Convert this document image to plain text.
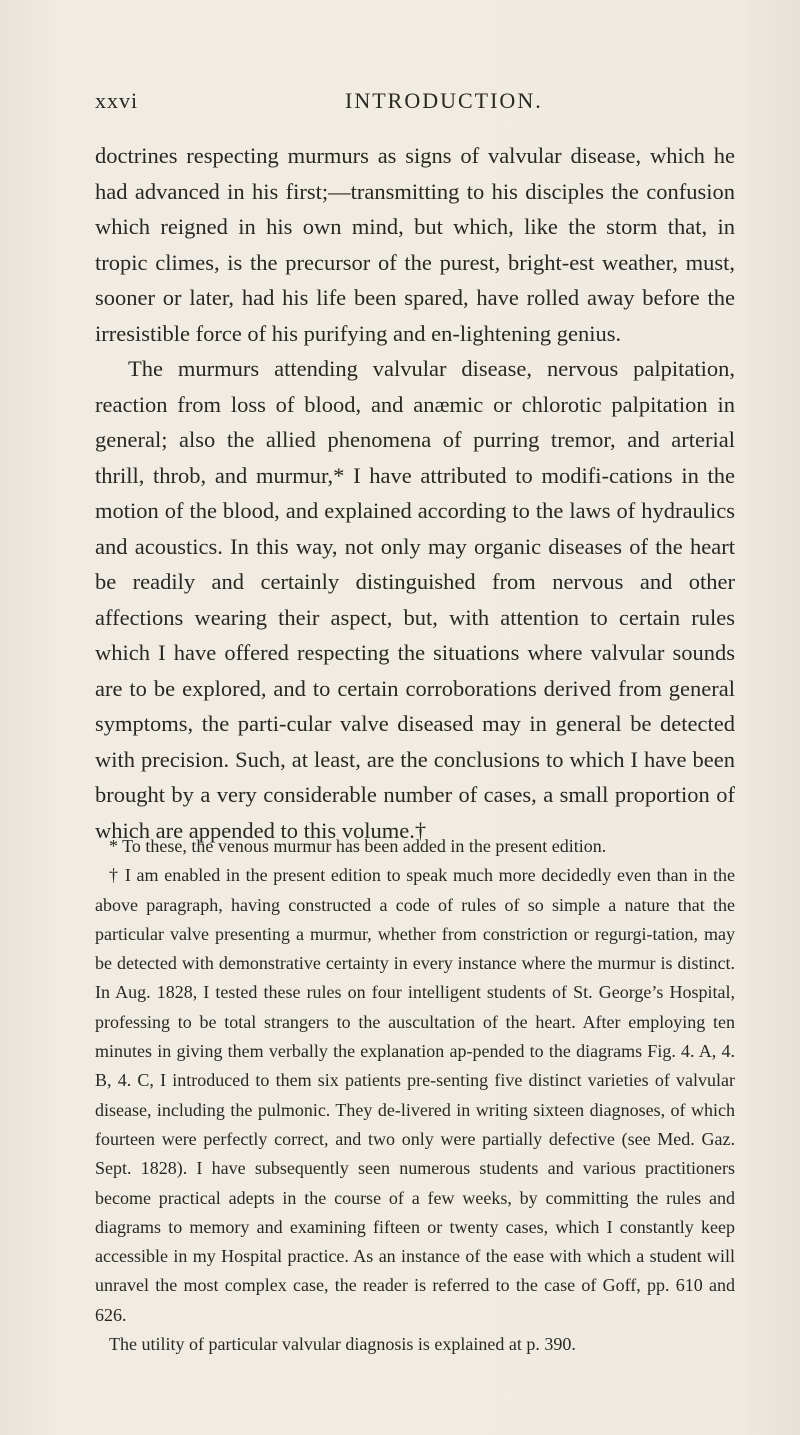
xxvi	INTRODUCTION.

doctrines respecting murmurs as signs of valvular disease, which he had advanced in his first;—transmitting to his disciples the confusion which reigned in his own mind, but which, like the storm that, in tropic climes, is the precursor of the purest, bright-est weather, must, sooner or later, had his life been spared, have rolled away before the irresistible force of his purifying and en-lightening genius.

The murmurs attending valvular disease, nervous palpitation, reaction from loss of blood, and anæmic or chlorotic palpitation in general; also the allied phenomena of purring tremor, and arterial thrill, throb, and murmur,* I have attributed to modifi-cations in the motion of the blood, and explained according to the laws of hydraulics and acoustics. In this way, not only may organic diseases of the heart be readily and certainly distinguished from nervous and other affections wearing their aspect, but, with attention to certain rules which I have offered respecting the situations where valvular sounds are to be explored, and to certain corroborations derived from general symptoms, the parti-cular valve diseased may in general be detected with precision. Such, at least, are the conclusions to which I have been brought by a very considerable number of cases, a small proportion of which are appended to this volume.†

* To these, the venous murmur has been added in the present edition.

† I am enabled in the present edition to speak much more decidedly even than in the above paragraph, having constructed a code of rules of so simple a nature that the particular valve presenting a murmur, whether from constriction or regurgi-tation, may be detected with demonstrative certainty in every instance where the murmur is distinct. In Aug. 1828, I tested these rules on four intelligent students of St. George’s Hospital, professing to be total strangers to the auscultation of the heart. After employing ten minutes in giving them verbally the explanation ap-pended to the diagrams Fig. 4. A, 4. B, 4. C, I introduced to them six patients pre-senting five distinct varieties of valvular disease, including the pulmonic. They de-livered in writing sixteen diagnoses, of which fourteen were perfectly correct, and two only were partially defective (see Med. Gaz. Sept. 1828). I have subsequently seen numerous students and various practitioners become practical adepts in the course of a few weeks, by committing the rules and diagrams to memory and examining fifteen or twenty cases, which I constantly keep accessible in my Hospital practice. As an instance of the ease with which a student will unravel the most complex case, the reader is referred to the case of Goff, pp. 610 and 626.

The utility of particular valvular diagnosis is explained at p. 390.
